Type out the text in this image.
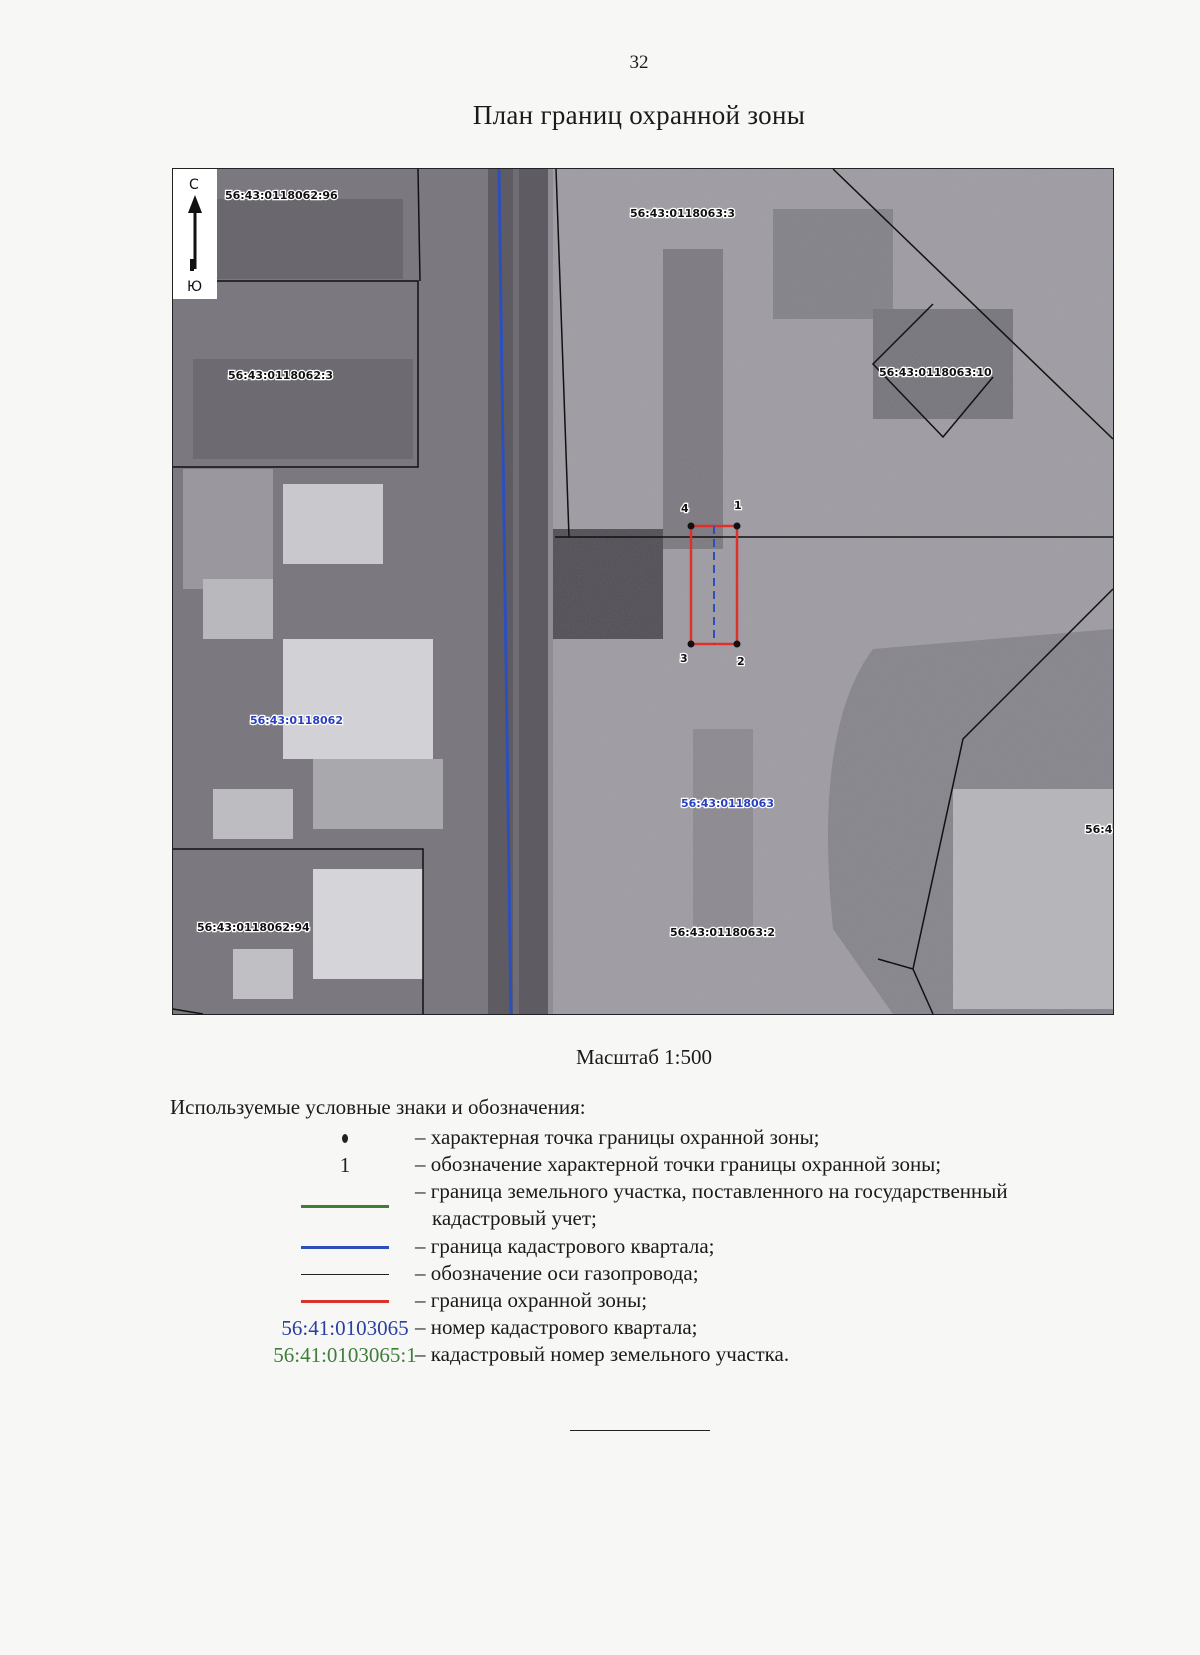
32
План границ охранной зоны
1
2
3
4
56:43:0118062:96
56:43:0118063:3
56:43:0118062:3	56:43:0118063:10
56:43:0118062
56:43:0118063
56:43:0118062:94	56:43:0118063:2
56:4
С
Ю
Масштаб 1:500
Используемые условные знаки и обозначения:
– характерная точка границы охранной зоны;
1	– обозначение характерной точки границы охранной зоны;
– граница земельного участка, поставленного на государственный
кадастровый учет;
– граница кадастрового квартала;
– обозначение оси газопровода;
– граница охранной зоны;
56:41:0103065 – номер кадастрового квартала;
56:41:0103065:1
– кадастровый номер земельного участка.
